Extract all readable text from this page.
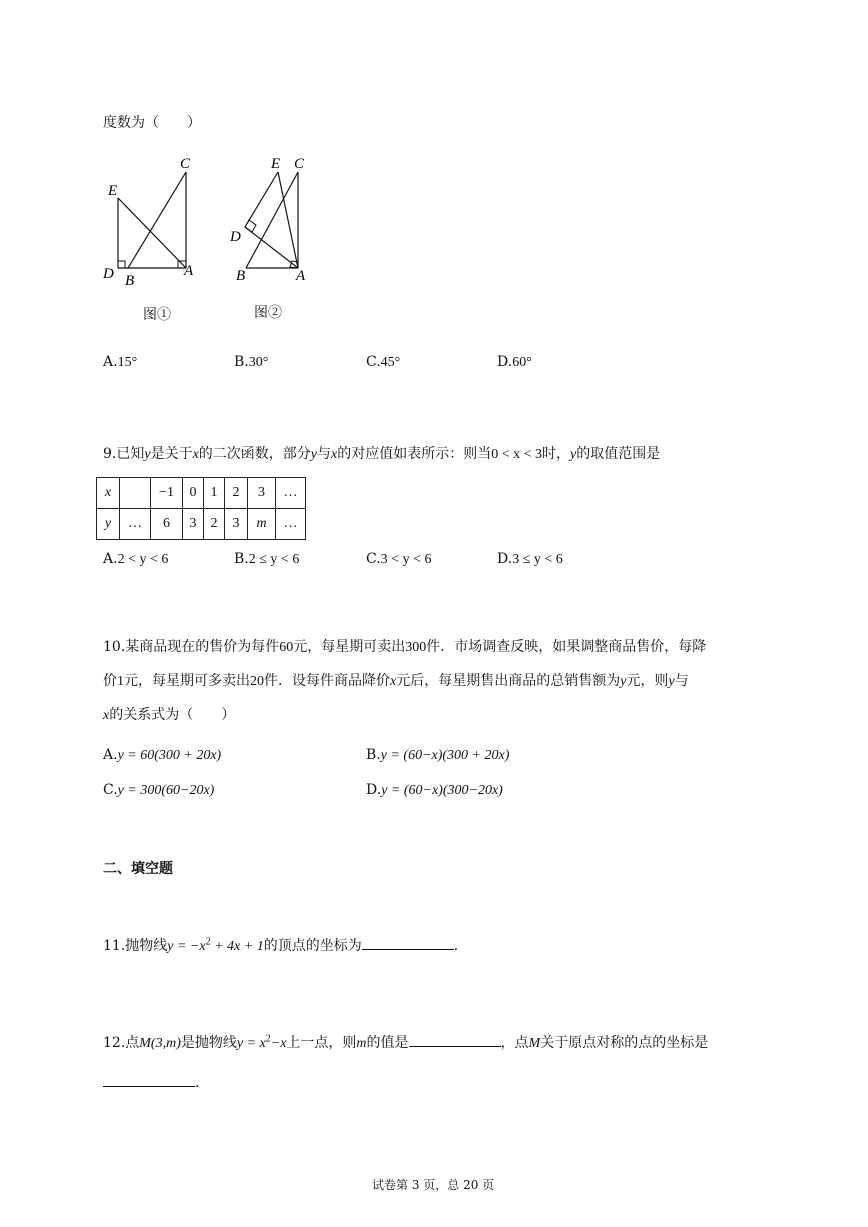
度数为（　　）
C
E
D B
A
E C
D
B	A
图①	图②
A.15°	B.30°	C.45°	D.60°
9.已知y是关于x的二次函数，部分y与x的对应值如表所示：则当0 < x < 3时，y的取值范围是
x		−1	0	1	2	3	…
y	…	6	3	2	3	m	…
A.2 < y < 6	B.2 ≤ y < 6	C.3 < y < 6	D.3 ≤ y < 6
10.某商品现在的售价为每件60元，每星期可卖出300件．市场调查反映，如果调整商品售价，每降
价1元，每星期可多卖出20件．设每件商品降价x元后，每星期售出商品的总销售额为y元，则y与
x的关系式为（　　）
A.y = 60(300 + 20x)	B.y = (60−x)(300 + 20x)
C.y = 300(60−20x)	D.y = (60−x)(300−20x)
二、填空题
11.抛物线$y = -x^2 + 4x + 1$的顶点的坐标为	．
12.点M(3,m)是抛物线$y = x^2-x$上一点，则m的值是	，点M关于原点对称的点的坐标是
．
试卷第 3 页，总 20 页
